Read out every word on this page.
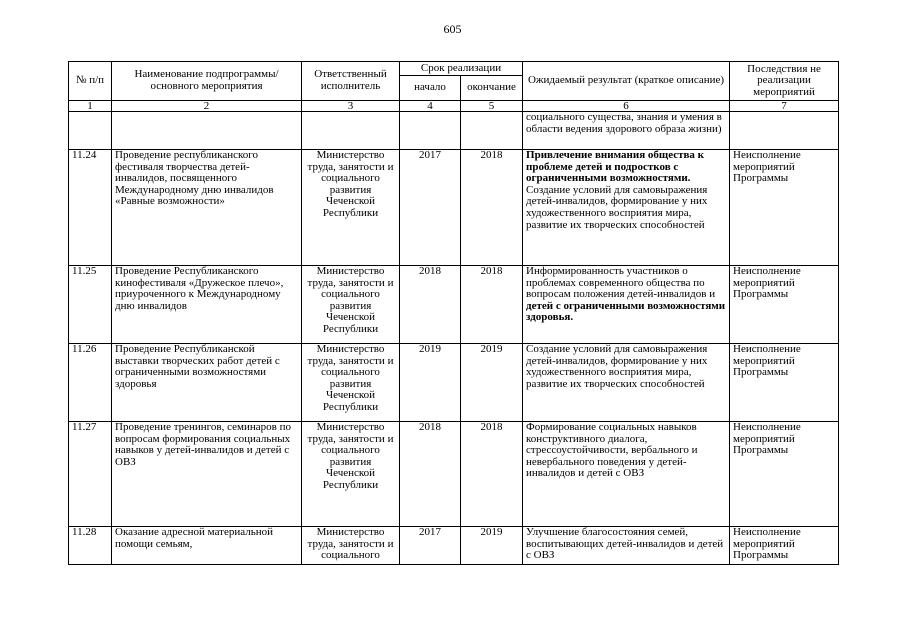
605
№ п/п	Наименование подпрограммы/ основного мероприятия	Ответственный исполнитель	Срок реализации		Ожидаемый результат (краткое описание)	Последствия не реализации мероприятий
			начало	окончание		
1	2	3	4	5	6	7
					социального существа, знания и умения в области ведения здорового образа жизни)	
11.24	Проведение республиканского фестиваля творчества детей-инвалидов, посвященного Международному дню инвалидов «Равные возможности»	Министерство труда, занятости и социального развития Чеченской Республики	2017	2018	Привлечение внимания общества к проблеме детей и подростков с ограниченными возможностями. Создание условий для самовыражения детей-инвалидов, формирование у них художественного восприятия мира, развитие их творческих способностей	Неисполнение мероприятий Программы
11.25	Проведение Республиканского кинофестиваля «Дружеское плечо», приуроченного к Международному дню инвалидов	Министерство труда, занятости и социального развития Чеченской Республики	2018	2018	Информированность участников о проблемах современного общества по вопросам положения детей-инвалидов и детей с ограниченными возможностями здоровья.	Неисполнение мероприятий Программы
11.26	Проведение Республиканской выставки творческих работ детей с ограниченными возможностями здоровья	Министерство труда, занятости и социального развития Чеченской Республики	2019	2019	Создание условий для самовыражения детей-инвалидов, формирование у них художественного восприятия мира, развитие их творческих способностей	Неисполнение мероприятий Программы
11.27	Проведение тренингов, семинаров по вопросам формирования социальных навыков у детей-инвалидов и детей с ОВЗ	Министерство труда, занятости и социального развития Чеченской Республики	2018	2018	Формирование социальных навыков конструктивного диалога, стрессоустойчивости, вербального и невербального поведения у детей-инвалидов и детей с ОВЗ	Неисполнение мероприятий Программы
11.28	Оказание адресной материальной помощи семьям,	Министерство труда, занятости и социального	2017	2019	Улучшение благосостояния семей, воспитывающих детей-инвалидов и детей с ОВЗ	Неисполнение мероприятий Программы
